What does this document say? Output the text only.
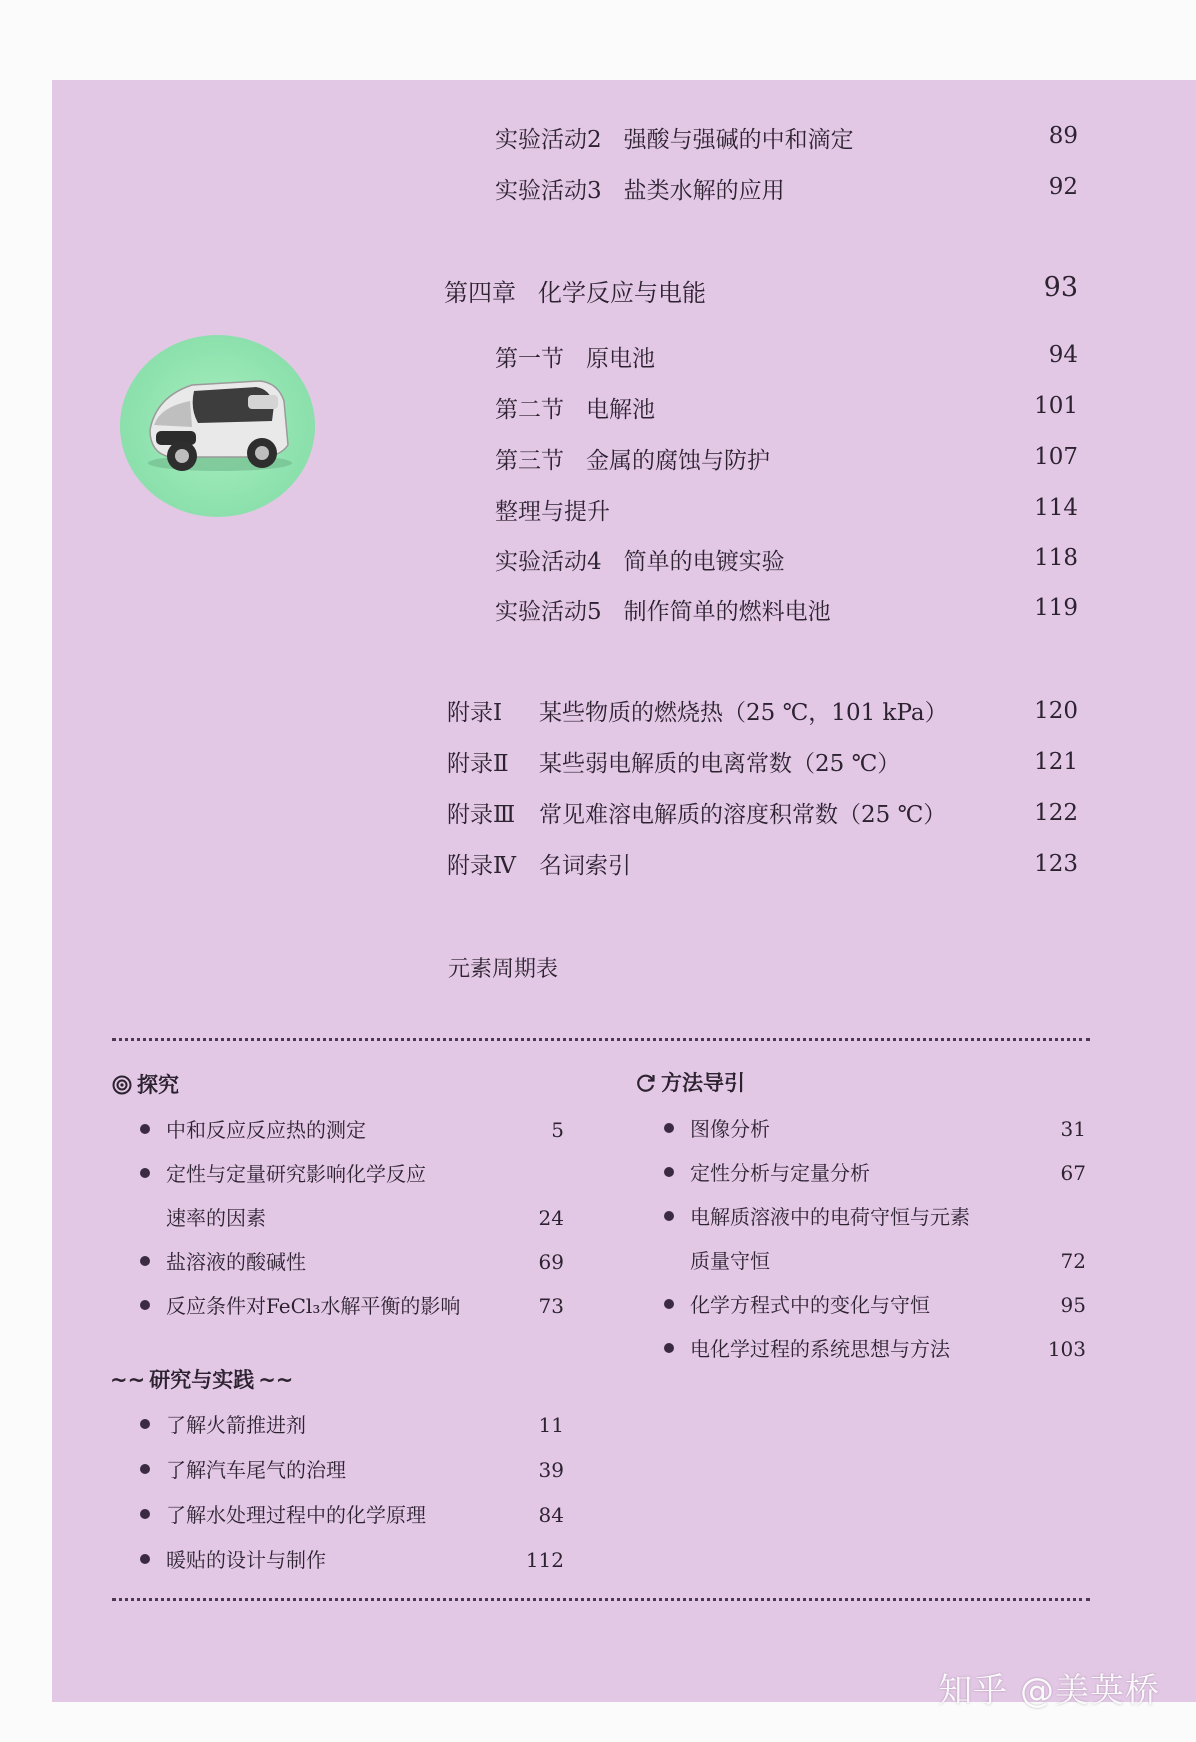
实验活动2 强酸与强碱的中和滴定	89
实验活动3 盐类水解的应用	92
第四章 化学反应与电能	93
第一节 原电池	94
第二节 电解池	101
第三节 金属的腐蚀与防护	107
整理与提升	114
实验活动4 简单的电镀实验	118
实验活动5 制作简单的燃料电池	119
附录Ⅰ 某些物质的燃烧热（25 ℃，101 kPa）	120
附录Ⅱ 某些弱电解质的电离常数（25 ℃）	121
附录Ⅲ 常见难溶电解质的溶度积常数（25 ℃）	122
附录Ⅳ 名词索引	123
元素周期表
探究
中和反应反应热的测定	5
定性与定量研究影响化学反应
速率的因素	24
盐溶液的酸碱性	69
反应条件对FeCl₃水解平衡的影响	73
~~ 研究与实践 ~~
了解火箭推进剂	11
了解汽车尾气的治理	39
了解水处理过程中的化学原理	84
暖贴的设计与制作	112
方法导引
图像分析	31
定性分析与定量分析	67
电解质溶液中的电荷守恒与元素
质量守恒	72
化学方程式中的变化与守恒	95
电化学过程的系统思想与方法	103
知乎 @美英桥
